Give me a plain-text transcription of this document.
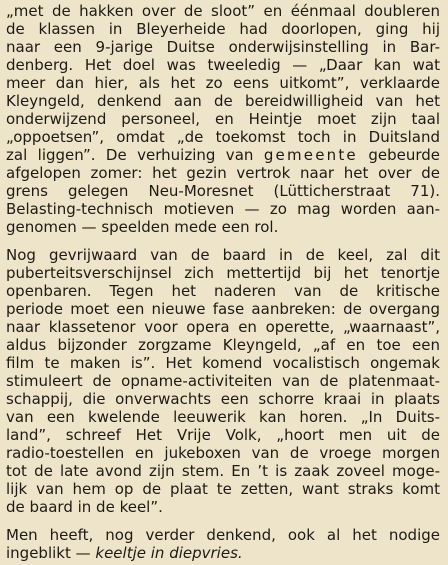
„met de hakken over de sloot” en éénmaal doubleren
de klassen in Bleyerheide had doorlopen, ging hij
naar een 9-jarige Duitse onderwijsinstelling in Bar-
denberg. Het doel was tweeledig — „Daar kan wat
meer dan hier, als het zo eens uitkomt”, verklaarde
Kleyngeld, denkend aan de bereidwilligheid van het
onderwijzend personeel, en Heintje moet zijn taal
„oppoetsen”, omdat „de toekomst toch in Duitsland
zal liggen”. De verhuizing van gemeente gebeurde
afgelopen zomer: het gezin vertrok naar het over de
grens gelegen Neu-Moresnet (Lütticherstraat 71).
Belasting-technisch motieven — zo mag worden aan-
genomen — speelden mede een rol.
Nog gevrijwaard van de baard in de keel, zal dit
puberteitsverschijnsel zich mettertijd bij het tenortje
openbaren. Tegen het naderen van de kritische
periode moet een nieuwe fase aanbreken: de overgang
naar klassetenor voor opera en operette, „waarnaast”,
aldus bijzonder zorgzame Kleyngeld, „af en toe een
film te maken is”. Het komend vocalistisch ongemak
stimuleert de opname-activiteiten van de platenmaat-
schappij, die onverwachts een schorre kraai in plaats
van een kwelende leeuwerik kan horen. „In Duits-
land”, schreef Het Vrije Volk, „hoort men uit de
radio-toestellen en jukeboxen van de vroege morgen
tot de late avond zijn stem. En ’t is zaak zoveel moge-
lijk van hem op de plaat te zetten, want straks komt
de baard in de keel”.
Men heeft, nog verder denkend, ook al het nodige
ingeblikt — keeltje in diepvries.
